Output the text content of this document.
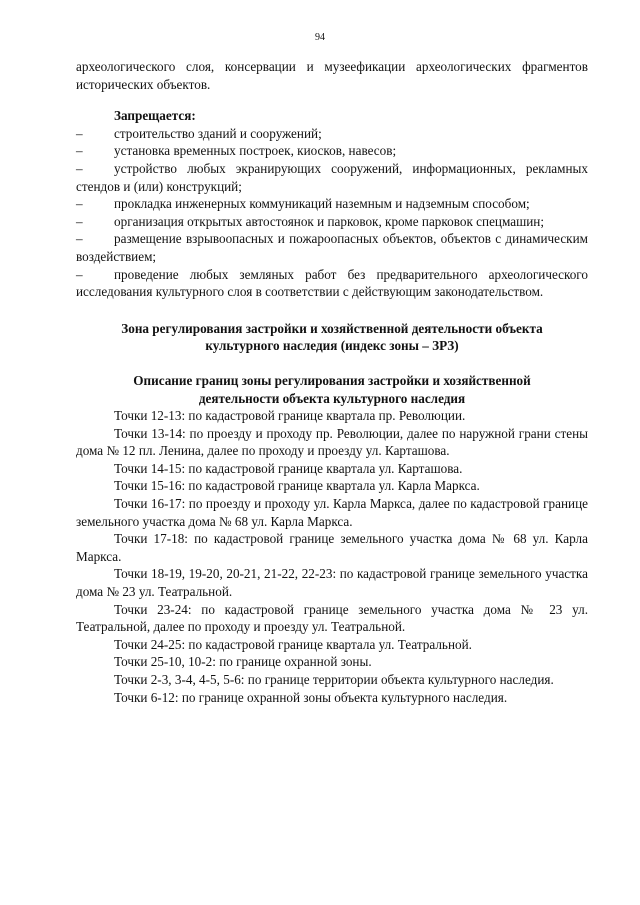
94

археологического слоя, консервации и музеефикации археологических фрагментов исторических объектов.

Запрещается:

– строительство зданий и сооружений;
– установка временных построек, киосков, навесов;
– устройство любых экранирующих сооружений, информационных, рекламных стендов и (или) конструкций;
– прокладка инженерных коммуникаций наземным и надземным способом;
– организация открытых автостоянок и парковок, кроме парковок спецмашин;
– размещение взрывоопасных и пожароопасных объектов, объектов с динамическим воздействием;
– проведение любых земляных работ без предварительного археологического исследования культурного слоя в соответствии с действующим законодательством.

Зона регулирования застройки и хозяйственной деятельности объекта культурного наследия (индекс зоны – ЗРЗ)

Описание границ зоны регулирования застройки и хозяйственной деятельности объекта культурного наследия

Точки 12-13: по кадастровой границе квартала пр. Революции.

Точки 13-14: по проезду и проходу пр. Революции, далее по наружной грани стены дома № 12 пл. Ленина, далее по проходу и проезду ул. Карташова.

Точки 14-15: по кадастровой границе квартала ул. Карташова.

Точки 15-16: по кадастровой границе квартала ул. Карла Маркса.

Точки 16-17: по проезду и проходу ул. Карла Маркса, далее по кадастровой границе земельного участка дома № 68 ул. Карла Маркса.

Точки 17-18: по кадастровой границе земельного участка дома № 68 ул. Карла Маркса.

Точки 18-19, 19-20, 20-21, 21-22, 22-23: по кадастровой границе земельного участка дома № 23 ул. Театральной.

Точки 23-24: по кадастровой границе земельного участка дома № 23 ул. Театральной, далее по проходу и проезду ул. Театральной.

Точки 24-25: по кадастровой границе квартала ул. Театральной.

Точки 25-10, 10-2: по границе охранной зоны.

Точки 2-3, 3-4, 4-5, 5-6: по границе территории объекта культурного наследия.

Точки 6-12: по границе охранной зоны объекта культурного наследия.
